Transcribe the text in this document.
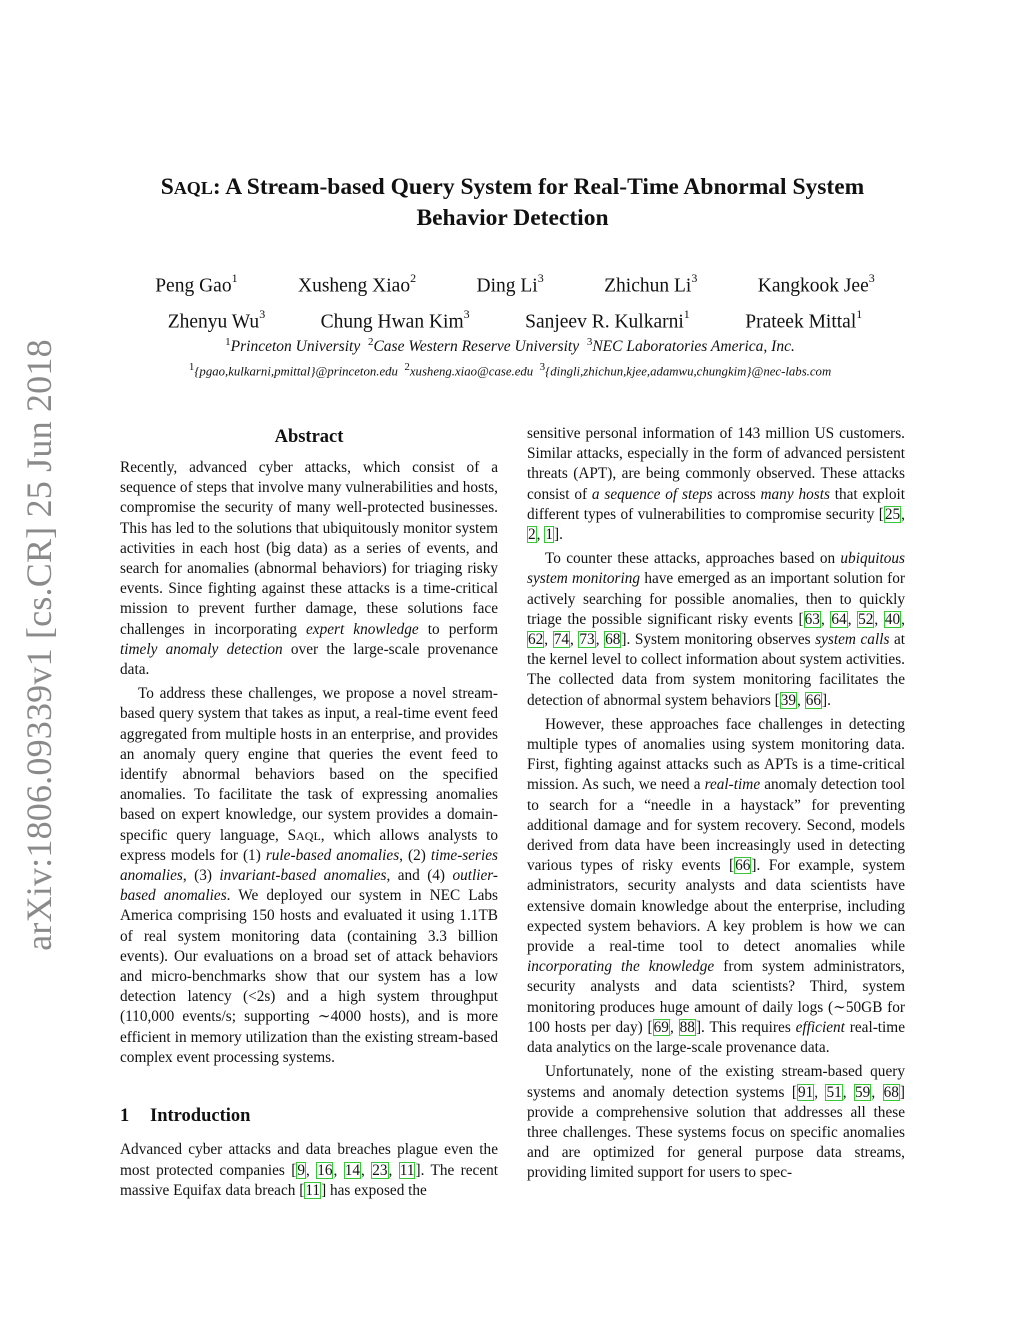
arXiv:1806.09339v1 [cs.CR] 25 Jun 2018
SAQL: A Stream-based Query System for Real-Time Abnormal System
Behavior Detection
Peng Gao$^1$	Xusheng Xiao$^2$	Ding Li$^3$	Zhichun Li$^3$	Kangkook Jee$^3$
Zhenyu Wu$^3$	Chung Hwan Kim$^3$	Sanjeev R. Kulkarni$^1$	Prateek Mittal$^1$
$^1$Princeton University $^2$Case Western Reserve University $^3$NEC Laboratories America, Inc.
$^1${pgao,kulkarni,pmittal}@princeton.edu $^2$xusheng.xiao@case.edu $^3${dingli,zhichun,kjee,adamwu,chungkim}@nec-labs.com
Abstract

Recently, advanced cyber attacks, which consist of a sequence of steps that involve many vulnerabilities and hosts, compromise the security of many well-protected businesses. This has led to the solutions that ubiquitously monitor system activities in each host (big data) as a series of events, and search for anomalies (abnormal behaviors) for triaging risky events. Since fighting against these attacks is a time-critical mission to prevent further damage, these solutions face challenges in incorporating expert knowledge to perform timely anomaly detection over the large-scale provenance data.

To address these challenges, we propose a novel stream-based query system that takes as input, a real-time event feed aggregated from multiple hosts in an enterprise, and provides an anomaly query engine that queries the event feed to identify abnormal behaviors based on the specified anomalies. To facilitate the task of expressing anomalies based on expert knowledge, our system provides a domain-specific query language, SAQL, which allows analysts to express models for (1) rule-based anomalies, (2) time-series anomalies, (3) invariant-based anomalies, and (4) outlier-based anomalies. We deployed our system in NEC Labs America comprising 150 hosts and evaluated it using 1.1TB of real system monitoring data (containing 3.3 billion events). Our evaluations on a broad set of attack behaviors and micro-benchmarks show that our system has a low detection latency (<2s) and a high system throughput (110,000 events/s; supporting ∼4000 hosts), and is more efficient in memory utilization than the existing stream-based complex event processing systems.

1 Introduction

Advanced cyber attacks and data breaches plague even the most protected companies [9, 16, 14, 23, 11]. The recent massive Equifax data breach [11] has exposed the

sensitive personal information of 143 million US customers. Similar attacks, especially in the form of advanced persistent threats (APT), are being commonly observed. These attacks consist of a sequence of steps across many hosts that exploit different types of vulnerabilities to compromise security [25, 2, 1].

To counter these attacks, approaches based on ubiquitous system monitoring have emerged as an important solution for actively searching for possible anomalies, then to quickly triage the possible significant risky events [63, 64, 52, 40, 62, 74, 73, 68]. System monitoring observes system calls at the kernel level to collect information about system activities. The collected data from system monitoring facilitates the detection of abnormal system behaviors [39, 66].

However, these approaches face challenges in detecting multiple types of anomalies using system monitoring data. First, fighting against attacks such as APTs is a time-critical mission. As such, we need a real-time anomaly detection tool to search for a “needle in a haystack” for preventing additional damage and for system recovery. Second, models derived from data have been increasingly used in detecting various types of risky events [66]. For example, system administrators, security analysts and data scientists have extensive domain knowledge about the enterprise, including expected system behaviors. A key problem is how we can provide a real-time tool to detect anomalies while incorporating the knowledge from system administrators, security analysts and data scientists? Third, system monitoring produces huge amount of daily logs (∼50GB for 100 hosts per day) [69, 88]. This requires efficient real-time data analytics on the large-scale provenance data.

Unfortunately, none of the existing stream-based query systems and anomaly detection systems [91, 51, 59, 68] provide a comprehensive solution that addresses all these three challenges. These systems focus on specific anomalies and are optimized for general purpose data streams, providing limited support for users to spec-
